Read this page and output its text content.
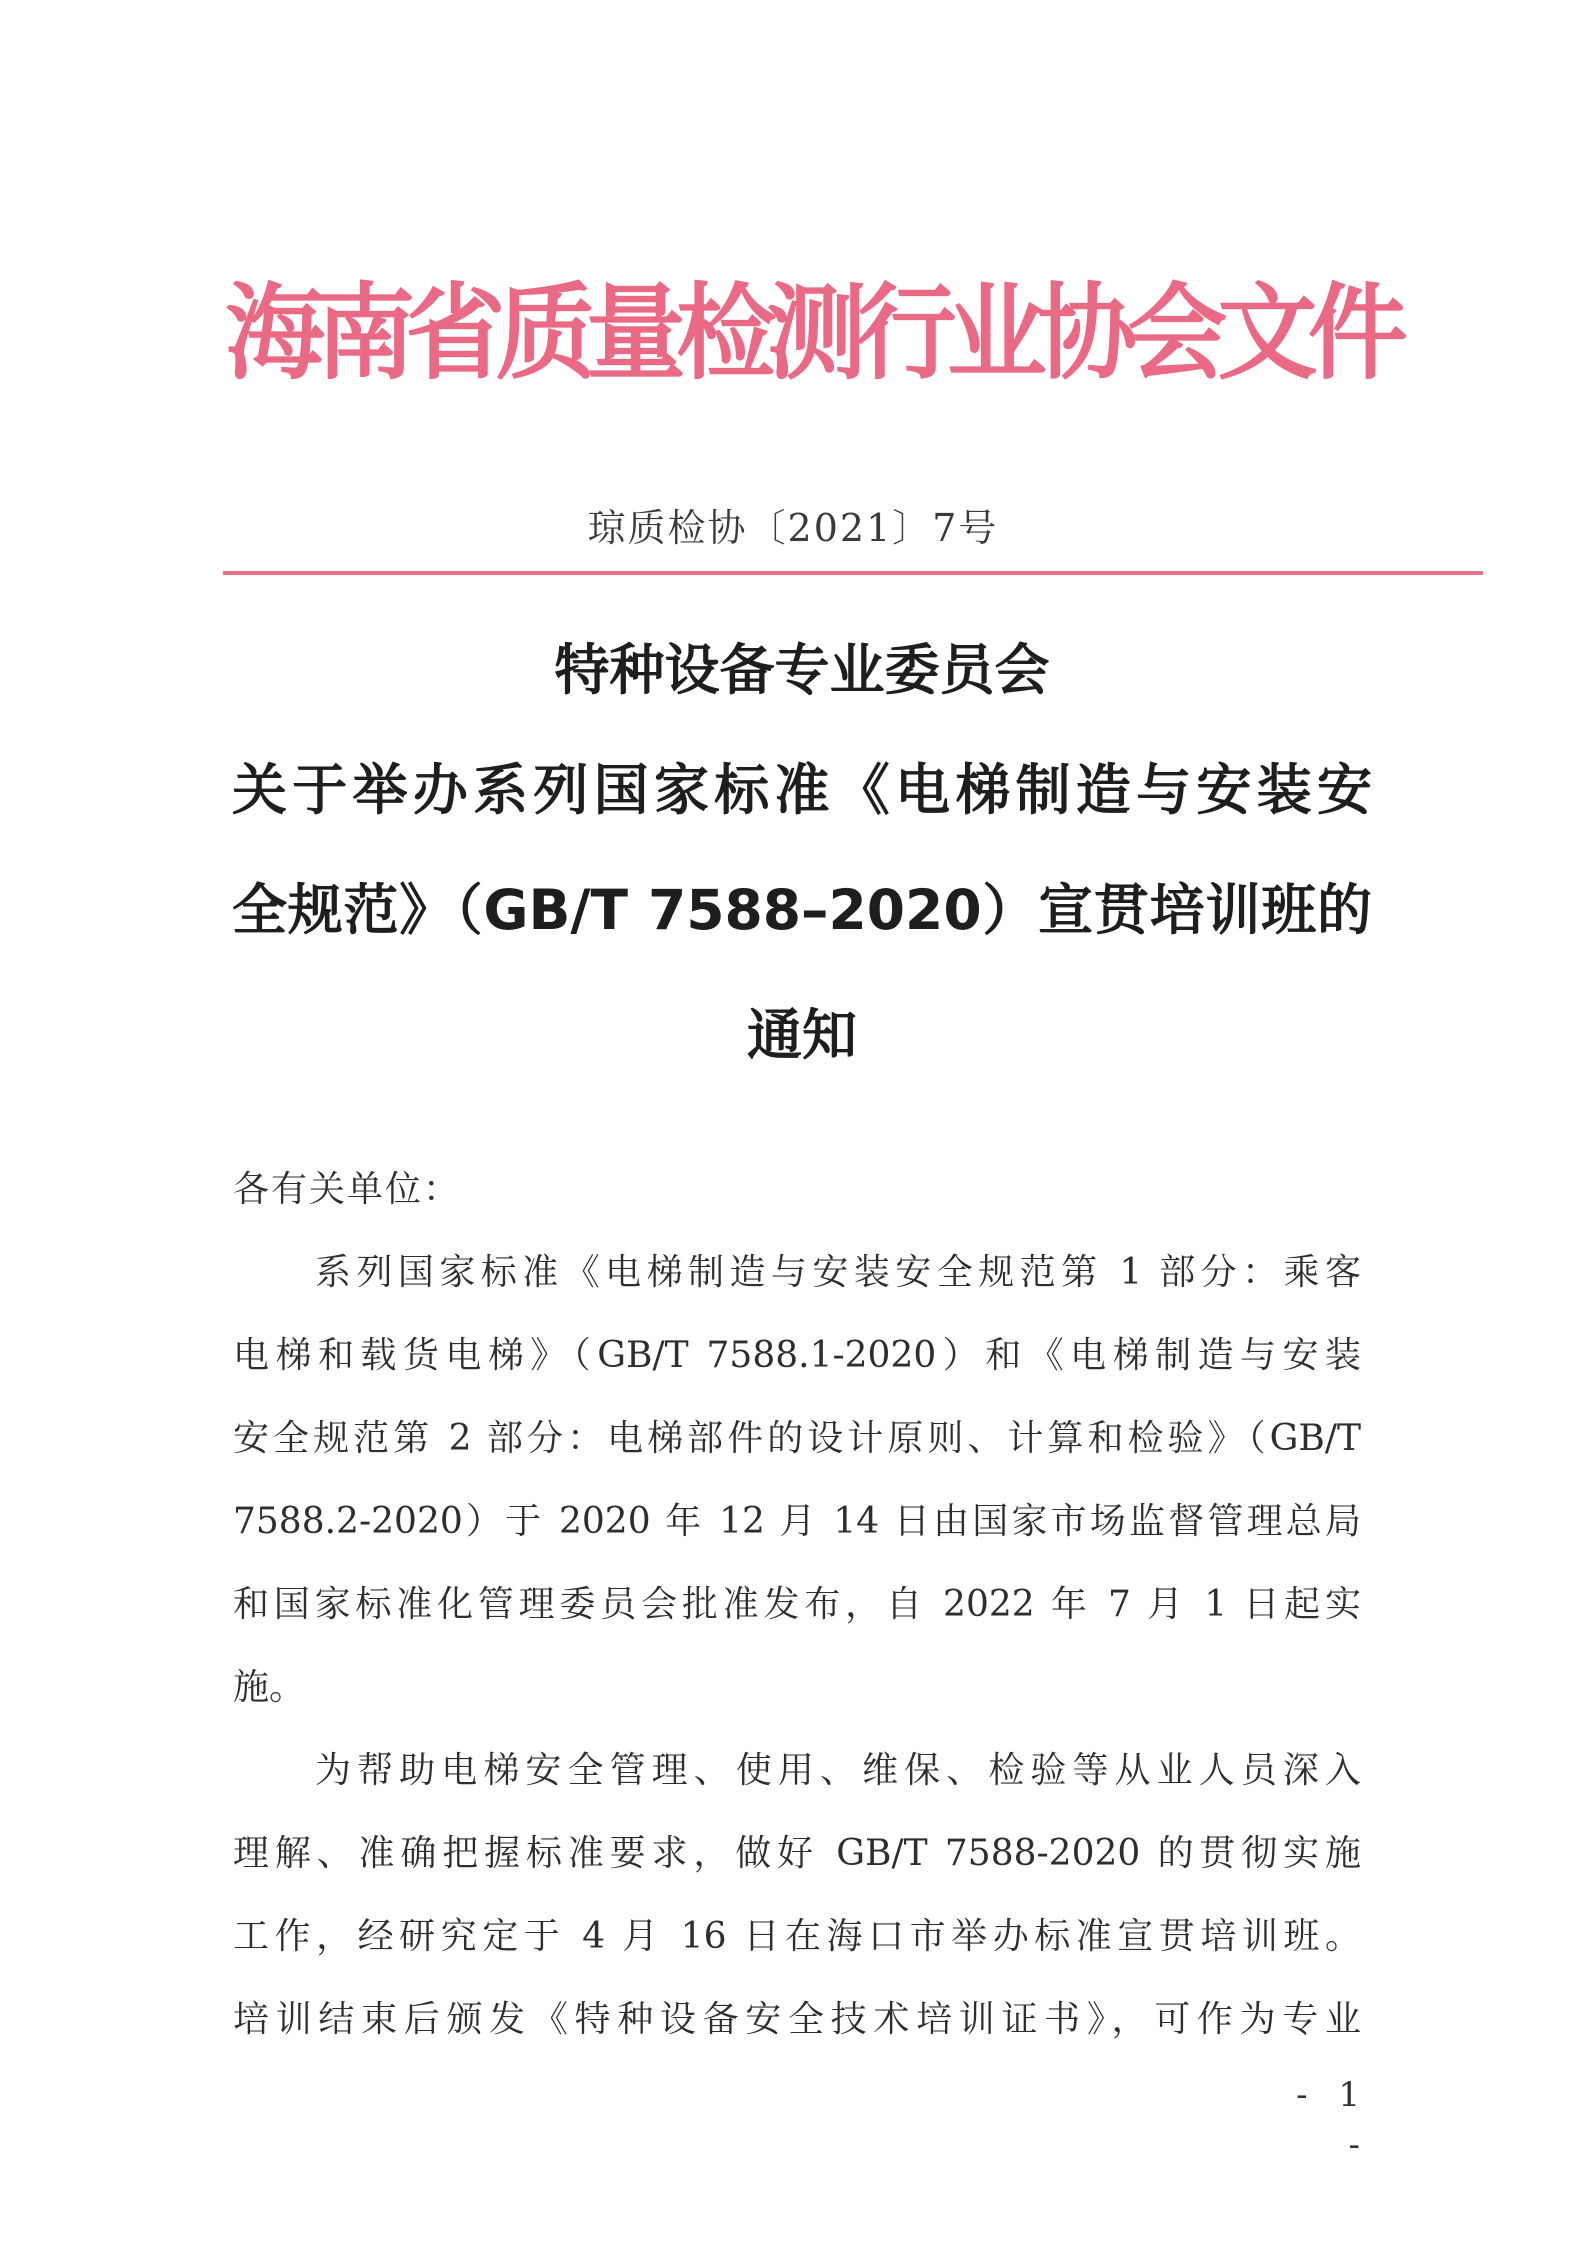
海南省质量检测行业协会文件
琼质检协〔2021〕7号
特种设备专业委员会
关于举办系列国家标准《电梯制造与安装安
全规范》（GB/T 7588–2020）宣贯培训班的
通知
各有关单位：
系列国家标准《电梯制造与安装安全规范第 1 部分：乘客
电梯和载货电梯》（GB/T 7588.1-2020）和《电梯制造与安装
安全规范第 2 部分：电梯部件的设计原则、计算和检验》（GB/T
7588.2-2020）于 2020 年 12 月 14 日由国家市场监督管理总局
和国家标准化管理委员会批准发布，自 2022 年 7 月 1 日起实
施。
为帮助电梯安全管理、使用、维保、检验等从业人员深入
理解、准确把握标准要求，做好 GB/T 7588-2020 的贯彻实施
工作，经研究定于 4 月 16 日在海口市举办标准宣贯培训班。
培训结束后颁发《特种设备安全技术培训证书》，可作为专业
- 1 -
